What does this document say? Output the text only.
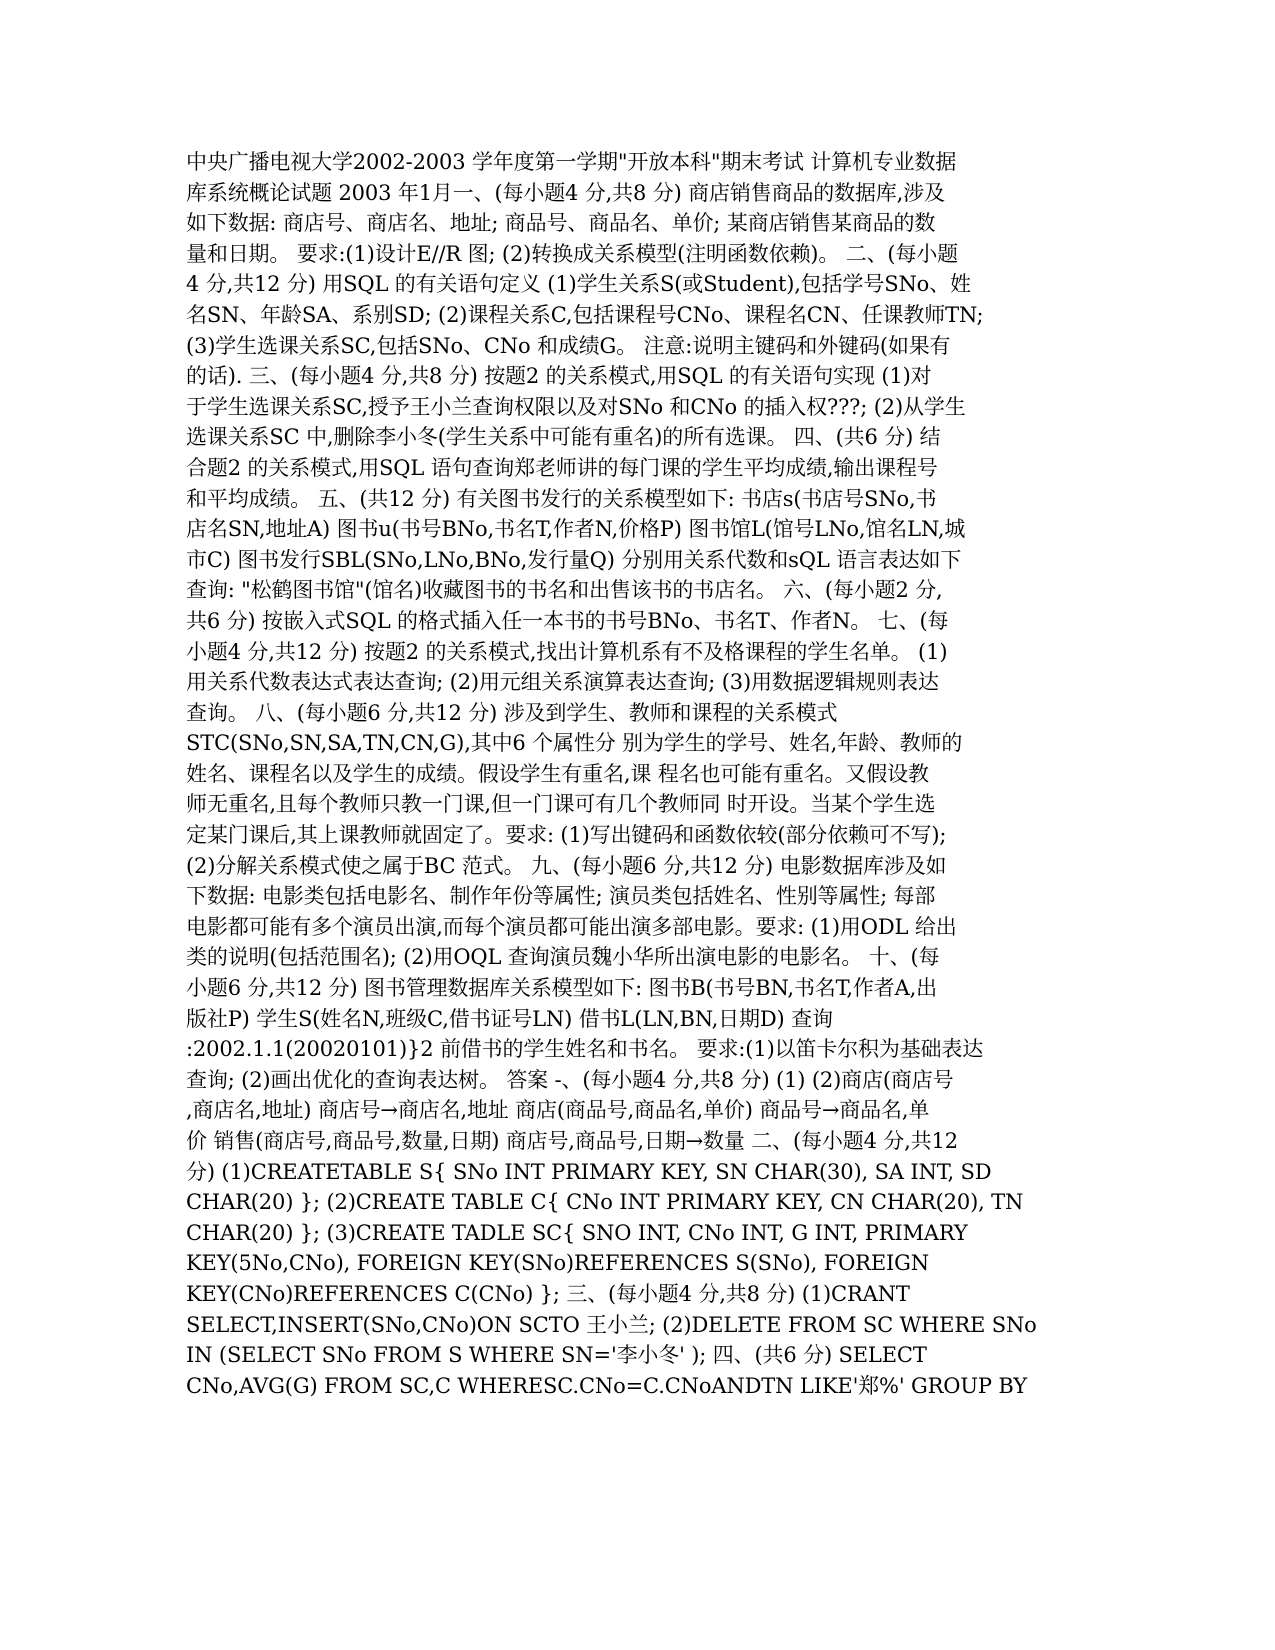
中央广播电视大学2002-2003 学年度第一学期"开放本科"期末考试 计算机专业数据
库系统概论试题 2003 年1月一、(每小题4 分,共8 分) 商店销售商品的数据库,涉及
如下数据: 商店号、商店名、地址; 商品号、商品名、单价; 某商店销售某商品的数
量和日期。 要求:(1)设计E//R 图; (2)转换成关系模型(注明函数依赖)。 二、(每小题
4 分,共12 分) 用SQL 的有关语句定义 (1)学生关系S(或Student),包括学号SNo、姓
名SN、年龄SA、系别SD; (2)课程关系C,包括课程号CNo、课程名CN、任课教师TN;
(3)学生选课关系SC,包括SNo、CNo 和成绩G。 注意:说明主键码和外键码(如果有
的话). 三、(每小题4 分,共8 分) 按题2 的关系模式,用SQL 的有关语句实现 (1)对
于学生选课关系SC,授予王小兰查询权限以及对SNo 和CNo 的插入权???; (2)从学生
选课关系SC 中,删除李小冬(学生关系中可能有重名)的所有选课。 四、(共6 分) 结
合题2 的关系模式,用SQL 语句查询郑老师讲的每门课的学生平均成绩,输出课程号
和平均成绩。 五、(共12 分) 有关图书发行的关系模型如下: 书店s(书店号SNo,书
店名SN,地址A) 图书u(书号BNo,书名T,作者N,价格P) 图书馆L(馆号LNo,馆名LN,城
市C) 图书发行SBL(SNo,LNo,BNo,发行量Q) 分别用关系代数和sQL 语言表达如下
查询: "松鹤图书馆"(馆名)收藏图书的书名和出售该书的书店名。 六、(每小题2 分,
共6 分) 按嵌入式SQL 的格式插入任一本书的书号BNo、书名T、作者N。 七、(每
小题4 分,共12 分) 按题2 的关系模式,找出计算机系有不及格课程的学生名单。 (1)
用关系代数表达式表达查询; (2)用元组关系演算表达查询; (3)用数据逻辑规则表达
查询。 八、(每小题6 分,共12 分) 涉及到学生、教师和课程的关系模式
STC(SNo,SN,SA,TN,CN,G),其中6 个属性分 别为学生的学号、姓名,年龄、教师的
姓名、课程名以及学生的成绩。假设学生有重名,课 程名也可能有重名。又假设教
师无重名,且每个教师只教一门课,但一门课可有几个教师同 时开设。当某个学生选
定某门课后,其上课教师就固定了。要求: (1)写出键码和函数依较(部分依赖可不写);
(2)分解关系模式使之属于BC 范式。 九、(每小题6 分,共12 分) 电影数据库涉及如
下数据: 电影类包括电影名、制作年份等属性; 演员类包括姓名、性别等属性; 每部
电影都可能有多个演员出演,而每个演员都可能出演多部电影。要求: (1)用ODL 给出
类的说明(包括范围名); (2)用OQL 查询演员魏小华所出演电影的电影名。 十、(每
小题6 分,共12 分) 图书管理数据库关系模型如下: 图书B(书号BN,书名T,作者A,出
版社P) 学生S(姓名N,班级C,借书证号LN) 借书L(LN,BN,日期D) 查询
:2002.1.1(20020101)}2 前借书的学生姓名和书名。 要求:(1)以笛卡尔积为基础表达
查询; (2)画出优化的查询表达树。 答案 -、(每小题4 分,共8 分) (1) (2)商店(商店号
,商店名,地址) 商店号→商店名,地址 商店(商品号,商品名,单价) 商品号→商品名,单
价 销售(商店号,商品号,数量,日期) 商店号,商品号,日期→数量 二、(每小题4 分,共12
分) (1)CREATETABLE S{ SNo INT PRIMARY KEY, SN CHAR(30), SA INT, SD
CHAR(20) }; (2)CREATE TABLE C{ CNo INT PRIMARY KEY, CN CHAR(20), TN
CHAR(20) }; (3)CREATE TADLE SC{ SNO INT, CNo INT, G INT, PRIMARY
KEY(5No,CNo), FOREIGN KEY(SNo)REFERENCES S(SNo), FOREIGN
KEY(CNo)REFERENCES C(CNo) }; 三、(每小题4 分,共8 分) (1)CRANT
SELECT,INSERT(SNo,CNo)ON SCTO 王小兰; (2)DELETE FROM SC WHERE SNo
IN (SELECT SNo FROM S WHERE SN='李小冬' ); 四、(共6 分) SELECT
CNo,AVG(G) FROM SC,C WHERESC.CNo=C.CNoANDTN LIKE'郑%' GROUP BY
